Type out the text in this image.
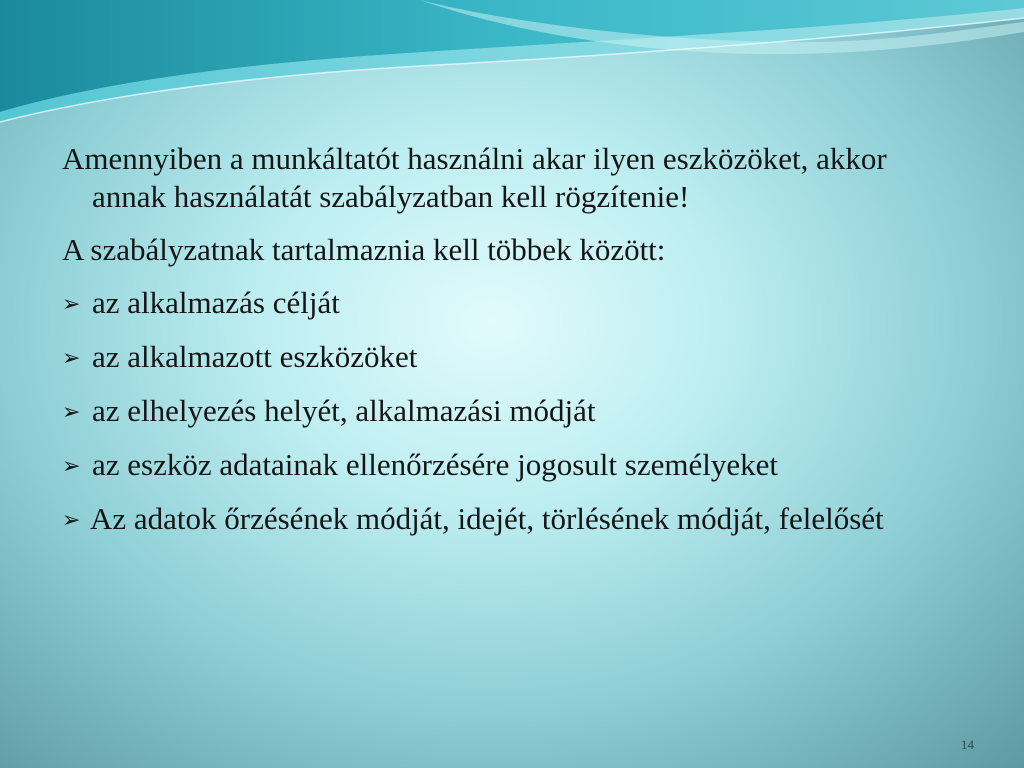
Amennyiben a munkáltatót használni akar ilyen eszközöket, akkor annak használatát szabályzatban kell rögzítenie!

A szabályzatnak tartalmaznia kell többek között:

➢ az alkalmazás célját

➢ az alkalmazott eszközöket

➢ az elhelyezés helyét, alkalmazási módját

➢ az eszköz adatainak ellenőrzésére jogosult személyeket

➢ Az adatok őrzésének módját, idejét, törlésének módját, felelősét

14
